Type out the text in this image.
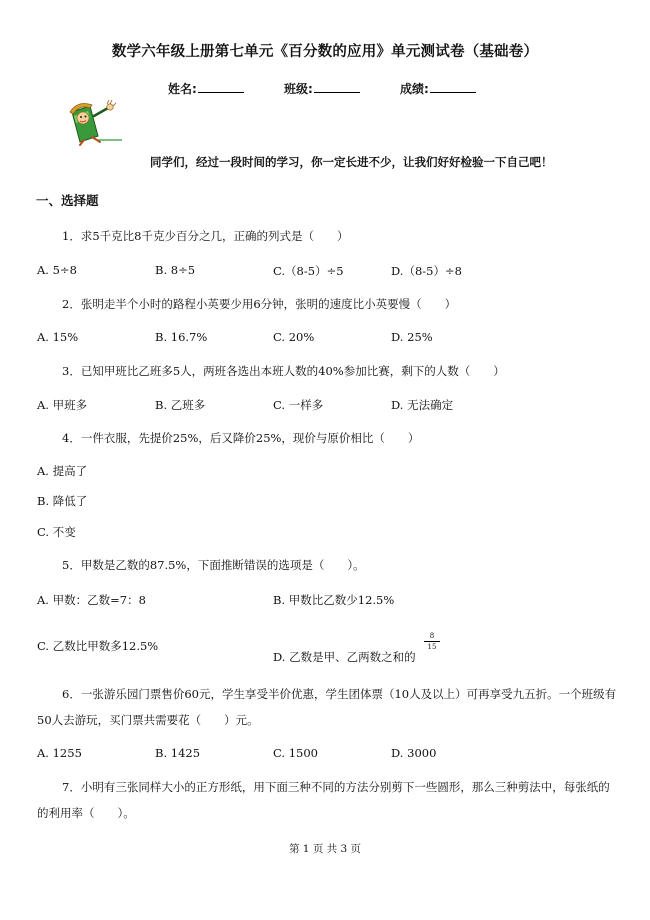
数学六年级上册第七单元《百分数的应用》单元测试卷（基础卷）
姓名:	班级:	成绩:
同学们，经过一段时间的学习，你一定长进不少，让我们好好检验一下自己吧！
一、选择题
1．求5千克比8千克少百分之几，正确的列式是（　　）
A. 5÷8	B. 8÷5	C.（8-5）÷5	D.（8-5）÷8
2．张明走半个小时的路程小英要少用6分钟，张明的速度比小英要慢（　　）
A. 15%	B. 16.7%	C. 20%	D. 25%
3．已知甲班比乙班多5人，两班各选出本班人数的40%参加比赛，剩下的人数（　　）
A. 甲班多	B. 乙班多	C. 一样多	D. 无法确定
4．一件衣服，先提价25%，后又降价25%，现价与原价相比（　　）
A. 提高了
B. 降低了
C. 不变
5．甲数是乙数的87.5%，下面推断错误的选项是（　　）。
A. 甲数：乙数=7：8	B. 甲数比乙数少12.5%
C. 乙数比甲数多12.5%
D. 乙数是甲、乙两数之和的
8
15
6．一张游乐园门票售价60元，学生享受半价优惠，学生团体票（10人及以上）可再享受九五折。一个班级有
50人去游玩，买门票共需要花（　　）元。
A. 1255	B. 1425	C. 1500	D. 3000
7．小明有三张同样大小的正方形纸，用下面三种不同的方法分别剪下一些圆形，那么三种剪法中，每张纸的
的利用率（　　）。
第 1 页 共 3 页
